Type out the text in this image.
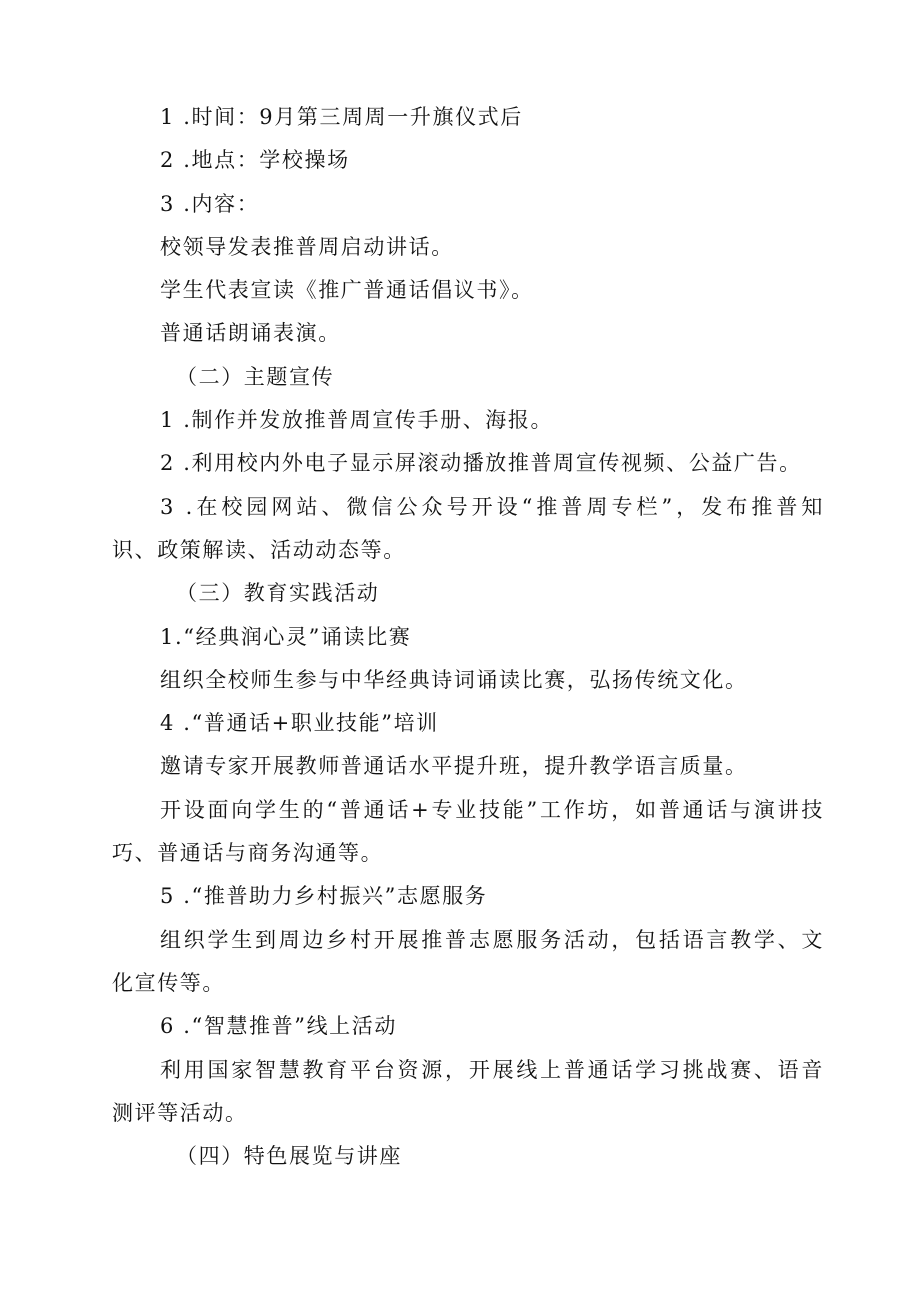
1 .时间：9月第三周周一升旗仪式后
2 .地点：学校操场
3 .内容：
校领导发表推普周启动讲话。
学生代表宣读《推广普通话倡议书》。
普通话朗诵表演。
（二）主题宣传
1 .制作并发放推普周宣传手册、海报。
2 .利用校内外电子显示屏滚动播放推普周宣传视频、公益广告。
3 .在校园网站、微信公众号开设“推普周专栏”，发布推普知
识、政策解读、活动动态等。
（三）教育实践活动
1.“经典润心灵”诵读比赛
组织全校师生参与中华经典诗词诵读比赛，弘扬传统文化。
4 .“普通话+职业技能”培训
邀请专家开展教师普通话水平提升班，提升教学语言质量。
开设面向学生的“普通话+专业技能”工作坊，如普通话与演讲技
巧、普通话与商务沟通等。
5 .“推普助力乡村振兴”志愿服务
组织学生到周边乡村开展推普志愿服务活动，包括语言教学、文
化宣传等。
6 .“智慧推普”线上活动
利用国家智慧教育平台资源，开展线上普通话学习挑战赛、语音
测评等活动。
（四）特色展览与讲座
